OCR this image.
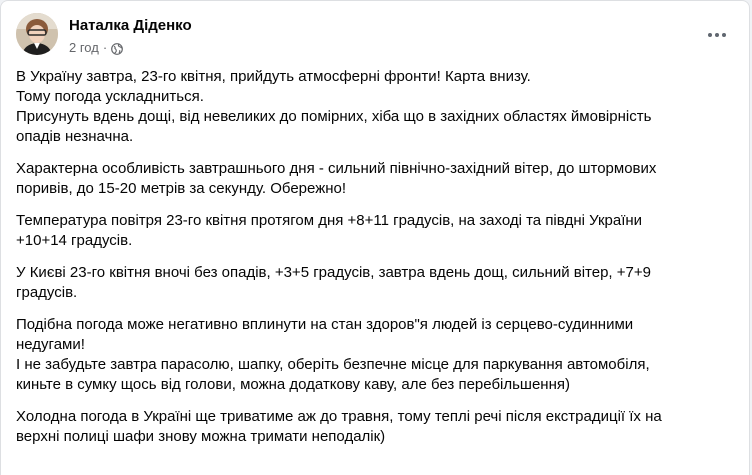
Наталка Діденко
2 год ·
В Україну завтра, 23-го квітня, прийдуть атмосферні фронти! Карта внизу.
Тому погода ускладниться.
Присунуть вдень дощі, від невеликих до помірних, хіба що в західних областях ймовірність
опадів незначна.
Характерна особливість завтрашнього дня - сильний північно-західний вітер, до штормових
поривів, до 15-20 метрів за секунду. Обережно!
Температура повітря 23-го квітня протягом дня +8+11 градусів, на заході та півдні України
+10+14 градусів.
У Києві 23-го квітня вночі без опадів, +3+5 градусів, завтра вдень дощ, сильний вітер, +7+9
градусів.
Подібна погода може негативно вплинути на стан здоров"я людей із серцево-судинними
недугами!
І не забудьте завтра парасолю, шапку, оберіть безпечне місце для паркування автомобіля,
киньте в сумку щось від голови, можна додаткову каву, але без перебільшення)
Холодна погода в Україні ще триватиме аж до травня, тому теплі речі після екстрадиції їх на
верхні полиці шафи знову можна тримати неподалік)
